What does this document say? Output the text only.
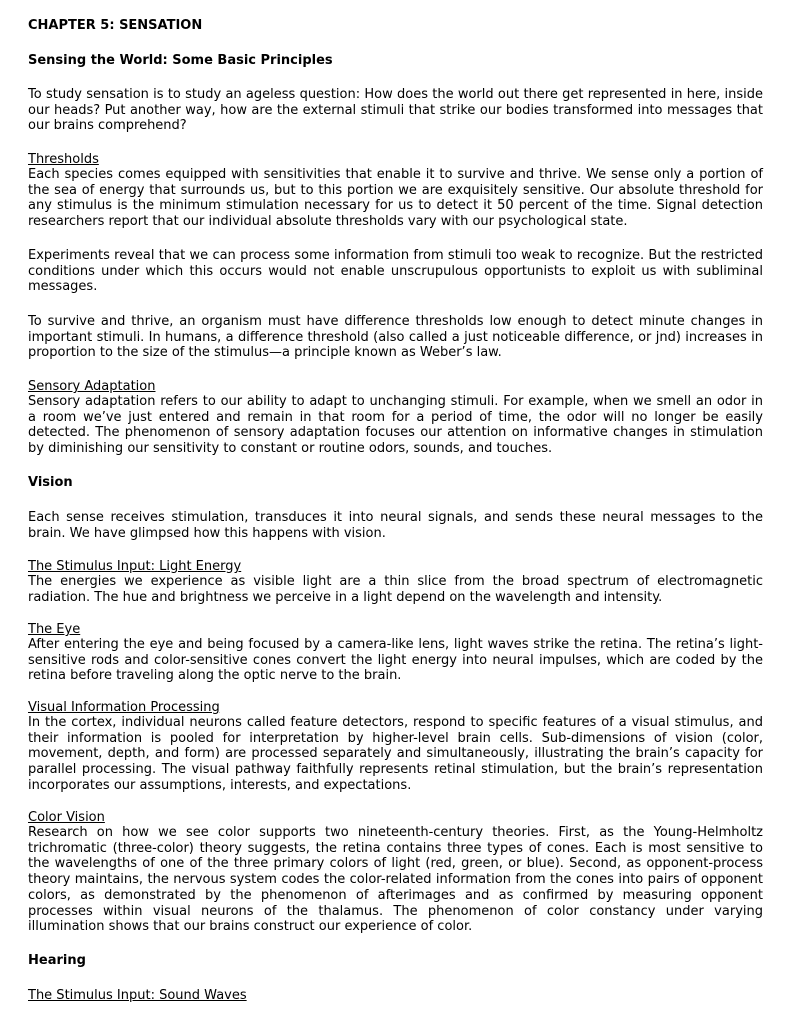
CHAPTER 5: SENSATION

Sensing the World: Some Basic Principles

To study sensation is to study an ageless question: How does the world out there get represented in here, inside our heads? Put another way, how are the external stimuli that strike our bodies transformed into messages that our brains comprehend?

Thresholds

Each species comes equipped with sensitivities that enable it to survive and thrive. We sense only a portion of the sea of energy that surrounds us, but to this portion we are exquisitely sensitive. Our absolute threshold for any stimulus is the minimum stimulation necessary for us to detect it 50 percent of the time. Signal detection researchers report that our individual absolute thresholds vary with our psychological state.

Experiments reveal that we can process some information from stimuli too weak to recognize. But the restricted conditions under which this occurs would not enable unscrupulous opportunists to exploit us with subliminal messages.

To survive and thrive, an organism must have difference thresholds low enough to detect minute changes in important stimuli. In humans, a difference threshold (also called a just noticeable difference, or jnd) increases in proportion to the size of the stimulus—a principle known as Weber’s law.

Sensory Adaptation

Sensory adaptation refers to our ability to adapt to unchanging stimuli. For example, when we smell an odor in a room we’ve just entered and remain in that room for a period of time, the odor will no longer be easily detected. The phenomenon of sensory adaptation focuses our attention on informative changes in stimulation by diminishing our sensitivity to constant or routine odors, sounds, and touches.

Vision

Each sense receives stimulation, transduces it into neural signals, and sends these neural messages to the brain. We have glimpsed how this happens with vision.

The Stimulus Input: Light Energy

The energies we experience as visible light are a thin slice from the broad spectrum of electromagnetic radiation. The hue and brightness we perceive in a light depend on the wavelength and intensity.

The Eye

After entering the eye and being focused by a camera-like lens, light waves strike the retina. The retina’s light-sensitive rods and color-sensitive cones convert the light energy into neural impulses, which are coded by the retina before traveling along the optic nerve to the brain.

Visual Information Processing

In the cortex, individual neurons called feature detectors, respond to specific features of a visual stimulus, and their information is pooled for interpretation by higher-level brain cells. Sub-dimensions of vision (color, movement, depth, and form) are processed separately and simultaneously, illustrating the brain’s capacity for parallel processing. The visual pathway faithfully represents retinal stimulation, but the brain’s representation incorporates our assumptions, interests, and expectations.

Color Vision

Research on how we see color supports two nineteenth-century theories. First, as the Young-Helmholtz trichromatic (three-color) theory suggests, the retina contains three types of cones. Each is most sensitive to the wavelengths of one of the three primary colors of light (red, green, or blue). Second, as opponent-process theory maintains, the nervous system codes the color-related information from the cones into pairs of opponent colors, as demonstrated by the phenomenon of afterimages and as confirmed by measuring opponent processes within visual neurons of the thalamus. The phenomenon of color constancy under varying illumination shows that our brains construct our experience of color.

Hearing

The Stimulus Input: Sound Waves
